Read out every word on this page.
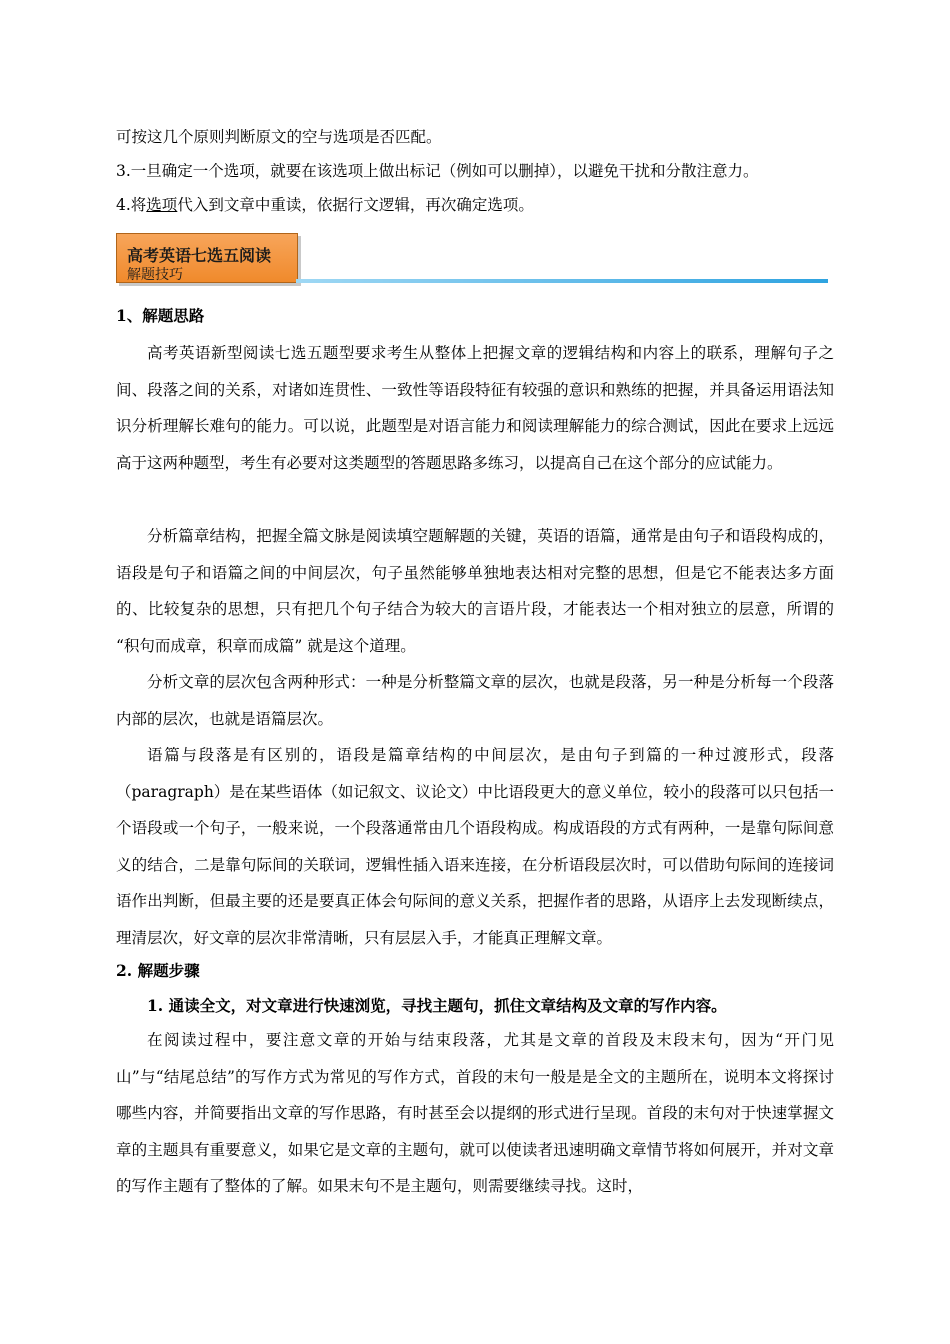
可按这几个原则判断原文的空与选项是否匹配。
3.一旦确定一个选项，就要在该选项上做出标记（例如可以删掉），以避免干扰和分散注意力。
4.将选项代入到文章中重读，依据行文逻辑，再次确定选项。
高考英语七选五阅读
解题技巧
1、解题思路
高考英语新型阅读七选五题型要求考生从整体上把握文章的逻辑结构和内容上的联系，理解句子之间、段落之间的关系，对诸如连贯性、一致性等语段特征有较强的意识和熟练的把握，并具备运用语法知识分析理解长难句的能力。可以说，此题型是对语言能力和阅读理解能力的综合测试，因此在要求上远远高于这两种题型，考生有必要对这类题型的答题思路多练习，以提高自己在这个部分的应试能力。
分析篇章结构，把握全篇文脉是阅读填空题解题的关键，英语的语篇，通常是由句子和语段构成的，语段是句子和语篇之间的中间层次，句子虽然能够单独地表达相对完整的思想，但是它不能表达多方面的、比较复杂的思想，只有把几个句子结合为较大的言语片段，才能表达一个相对独立的层意，所谓的 “积句而成章，积章而成篇” 就是这个道理。
分析文章的层次包含两种形式：一种是分析整篇文章的层次，也就是段落，另一种是分析每一个段落内部的层次，也就是语篇层次。
语篇与段落是有区别的，语段是篇章结构的中间层次，是由句子到篇的一种过渡形式，段落（paragraph）是在某些语体（如记叙文、议论文）中比语段更大的意义单位，较小的段落可以只包括一个语段或一个句子，一般来说，一个段落通常由几个语段构成。构成语段的方式有两种，一是靠句际间意义的结合，二是靠句际间的关联词，逻辑性插入语来连接，在分析语段层次时，可以借助句际间的连接词语作出判断，但最主要的还是要真正体会句际间的意义关系，把握作者的思路，从语序上去发现断续点，理清层次，好文章的层次非常清晰，只有层层入手，才能真正理解文章。
2. 解题步骤
1. 通读全文，对文章进行快速浏览，寻找主题句，抓住文章结构及文章的写作内容。
在阅读过程中，要注意文章的开始与结束段落，尤其是文章的首段及末段末句，因为“开门见山”与“结尾总结”的写作方式为常见的写作方式，首段的末句一般是是全文的主题所在，说明本文将探讨哪些内容，并简要指出文章的写作思路，有时甚至会以提纲的形式进行呈现。首段的末句对于快速掌握文章的主题具有重要意义，如果它是文章的主题句，就可以使读者迅速明确文章情节将如何展开，并对文章的写作主题有了整体的了解。如果末句不是主题句，则需要继续寻找。这时，
